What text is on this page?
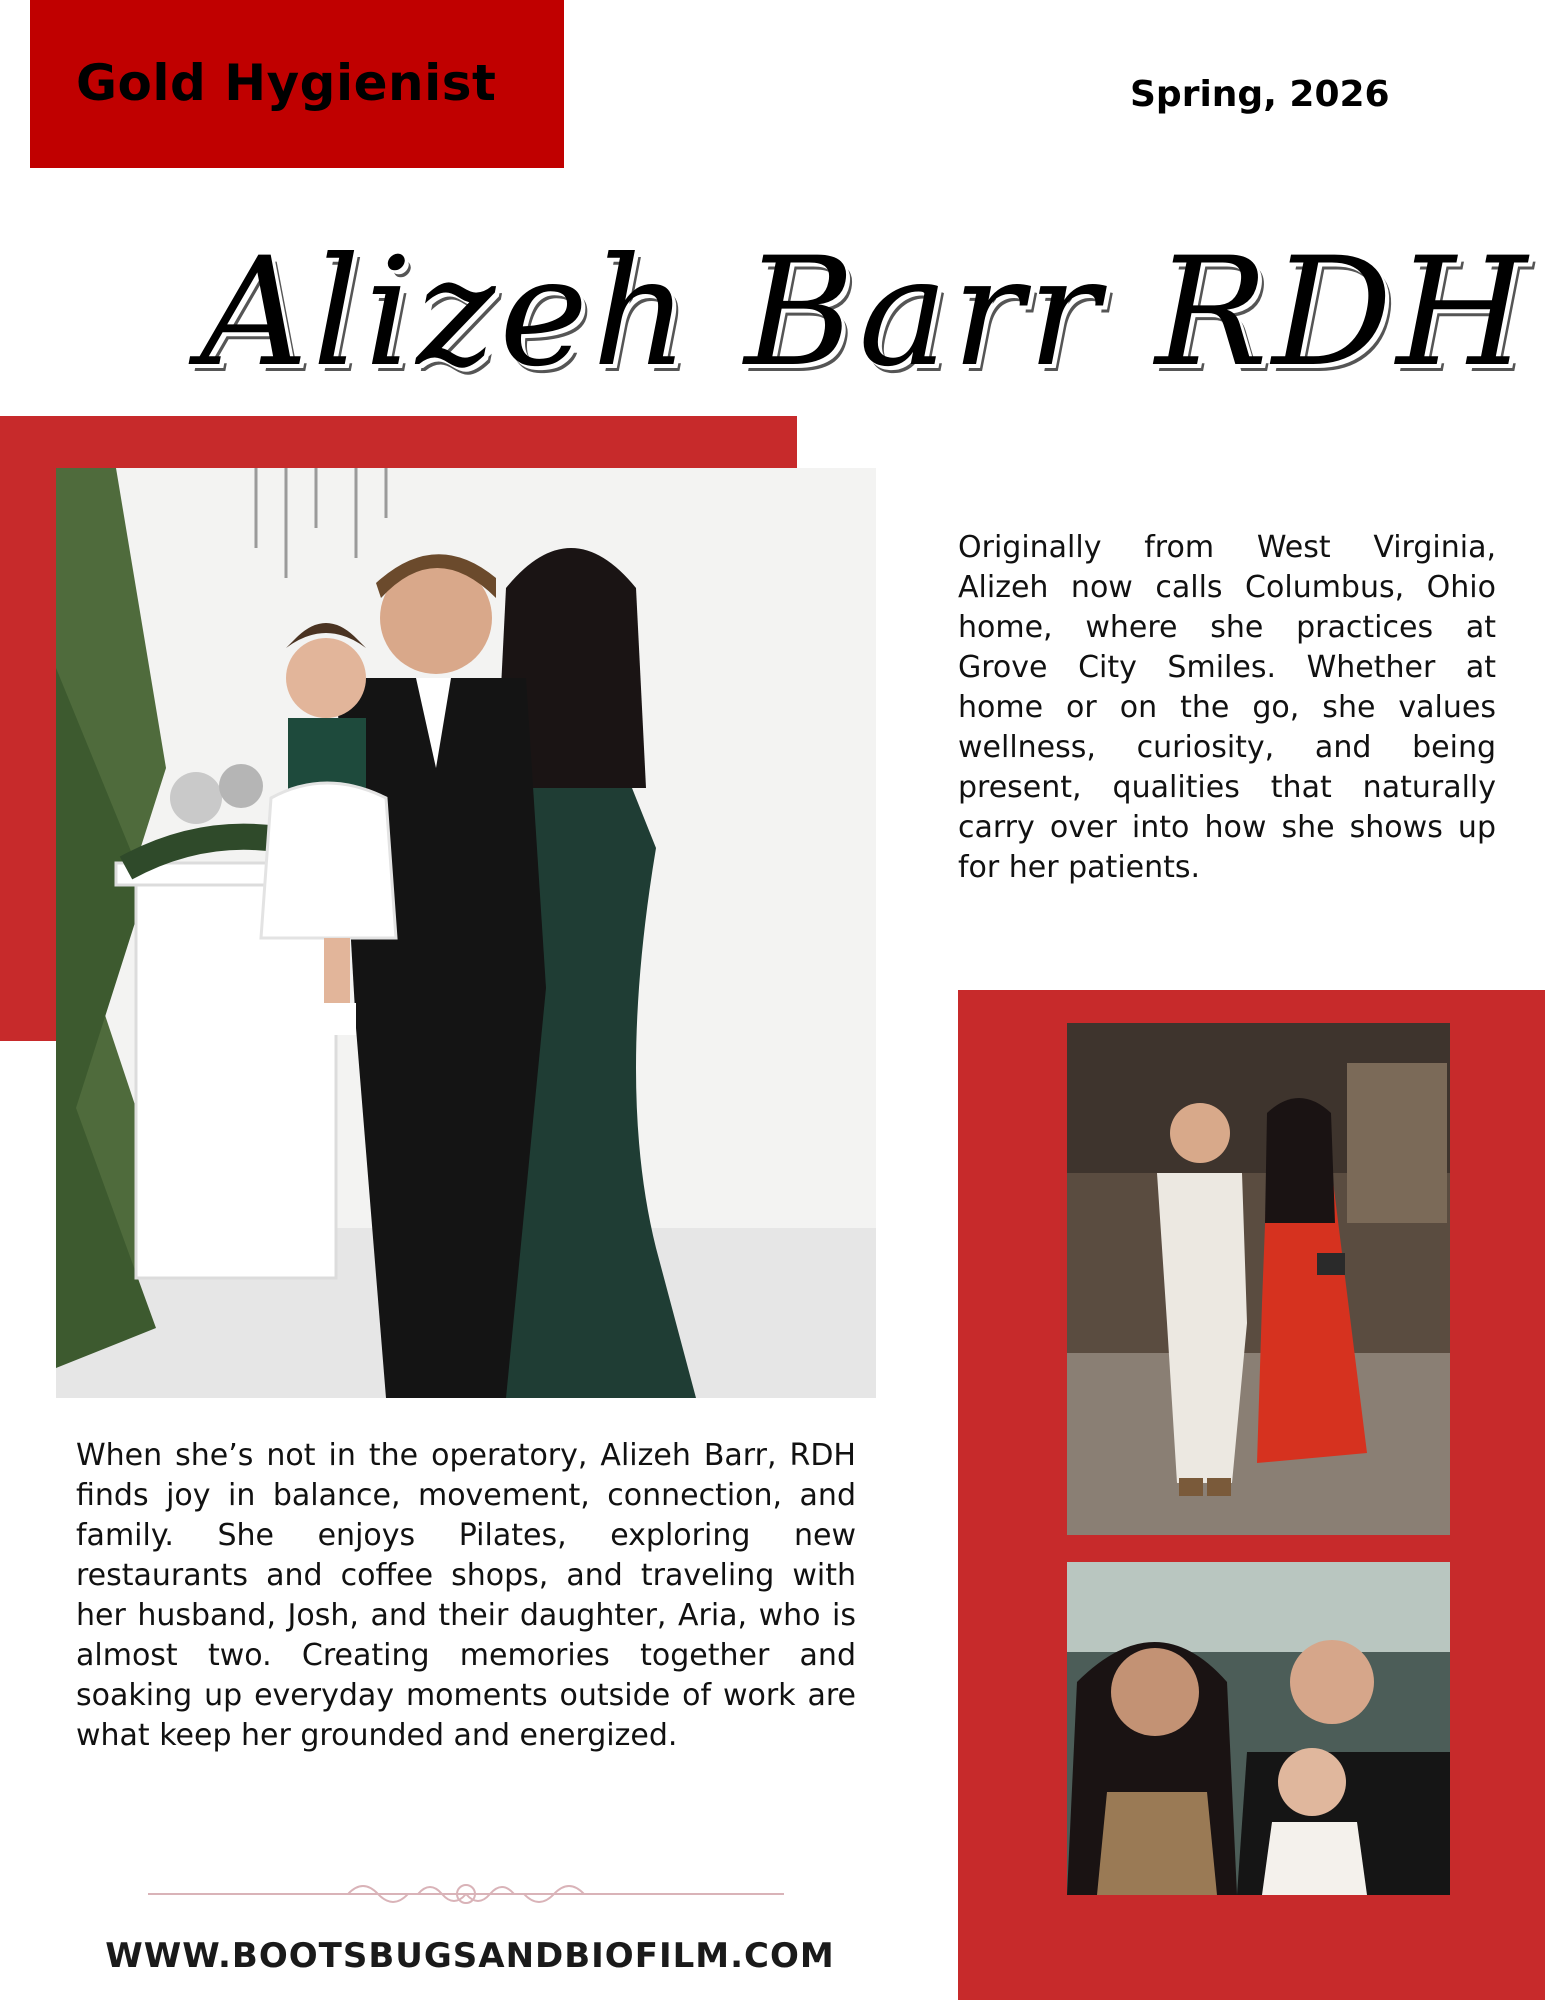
Gold Hygienist	Spring, 2026
Alizeh Barr RDH

Originally from West Virginia, Alizeh now calls Columbus, Ohio home, where she practices at Grove City Smiles. Whether at home or on the go, she values wellness, curiosity, and being present, qualities that naturally carry over into how she shows up for her patients.

When she’s not in the operatory, Alizeh Barr, RDH finds joy in balance, movement, connection, and family. She enjoys Pilates, exploring new restaurants and coffee shops, and traveling with her husband, Josh, and their daughter, Aria, who is almost two. Creating memories together and soaking up everyday moments outside of work are what keep her grounded and energized.

WWW.BOOTSBUGSANDBIOFILM.COM
